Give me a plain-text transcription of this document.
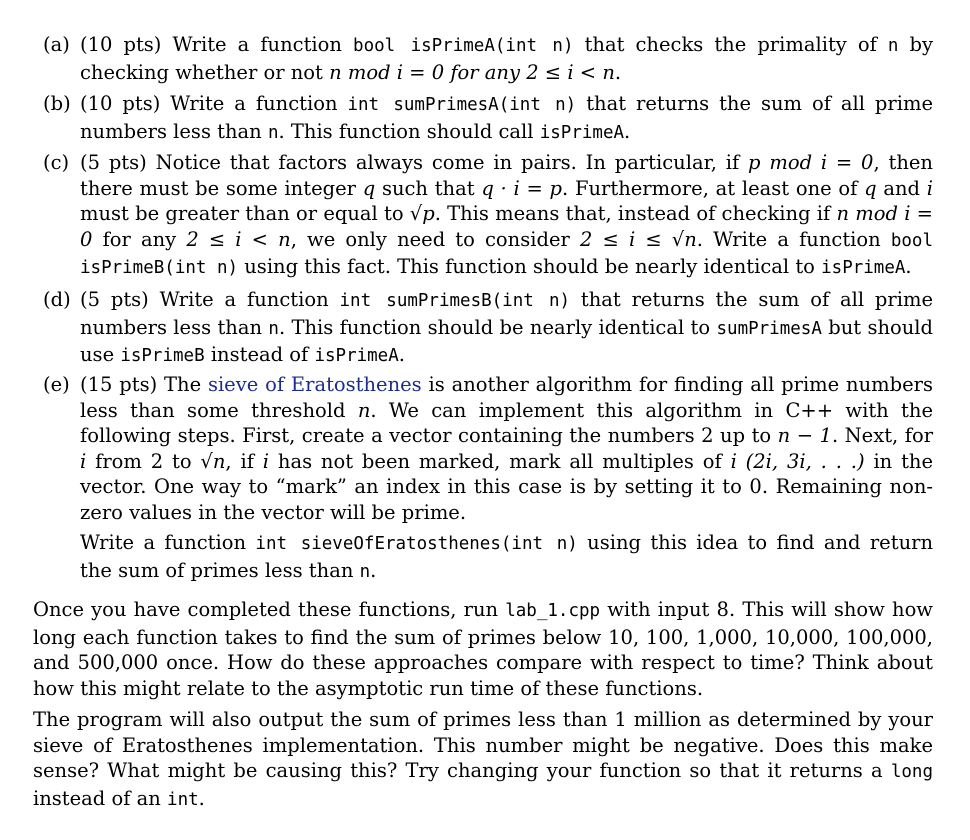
(a) (10 pts) Write a function bool isPrimeA(int n) that checks the primality of n by checking whether or not n mod i = 0 for any 2 ≤ i < n.

(b) (10 pts) Write a function int sumPrimesA(int n) that returns the sum of all prime numbers less than n. This function should call isPrimeA.

(c) (5 pts) Notice that factors always come in pairs. In particular, if p mod i = 0, then there must be some integer q such that q · i = p. Furthermore, at least one of q and i must be greater than or equal to √p. This means that, instead of checking if n mod i = 0 for any 2 ≤ i < n, we only need to consider 2 ≤ i ≤ √n. Write a function bool isPrimeB(int n) using this fact. This function should be nearly identical to isPrimeA.

(d) (5 pts) Write a function int sumPrimesB(int n) that returns the sum of all prime numbers less than n. This function should be nearly identical to sumPrimesA but should use isPrimeB instead of isPrimeA.

(e) (15 pts) The sieve of Eratosthenes is another algorithm for finding all prime numbers less than some threshold n. We can implement this algorithm in C++ with the following steps. First, create a vector containing the numbers 2 up to n − 1. Next, for i from 2 to √n, if i has not been marked, mark all multiples of i (2i, 3i, . . .) in the vector. One way to “mark” an index in this case is by setting it to 0. Remaining non-zero values in the vector will be prime.

Write a function int sieveOfEratosthenes(int n) using this idea to find and return the sum of primes less than n.

Once you have completed these functions, run lab_1.cpp with input 8. This will show how long each function takes to find the sum of primes below 10, 100, 1,000, 10,000, 100,000, and 500,000 once. How do these approaches compare with respect to time? Think about how this might relate to the asymptotic run time of these functions.

The program will also output the sum of primes less than 1 million as determined by your sieve of Eratosthenes implementation. This number might be negative. Does this make sense? What might be causing this? Try changing your function so that it returns a long instead of an int.
